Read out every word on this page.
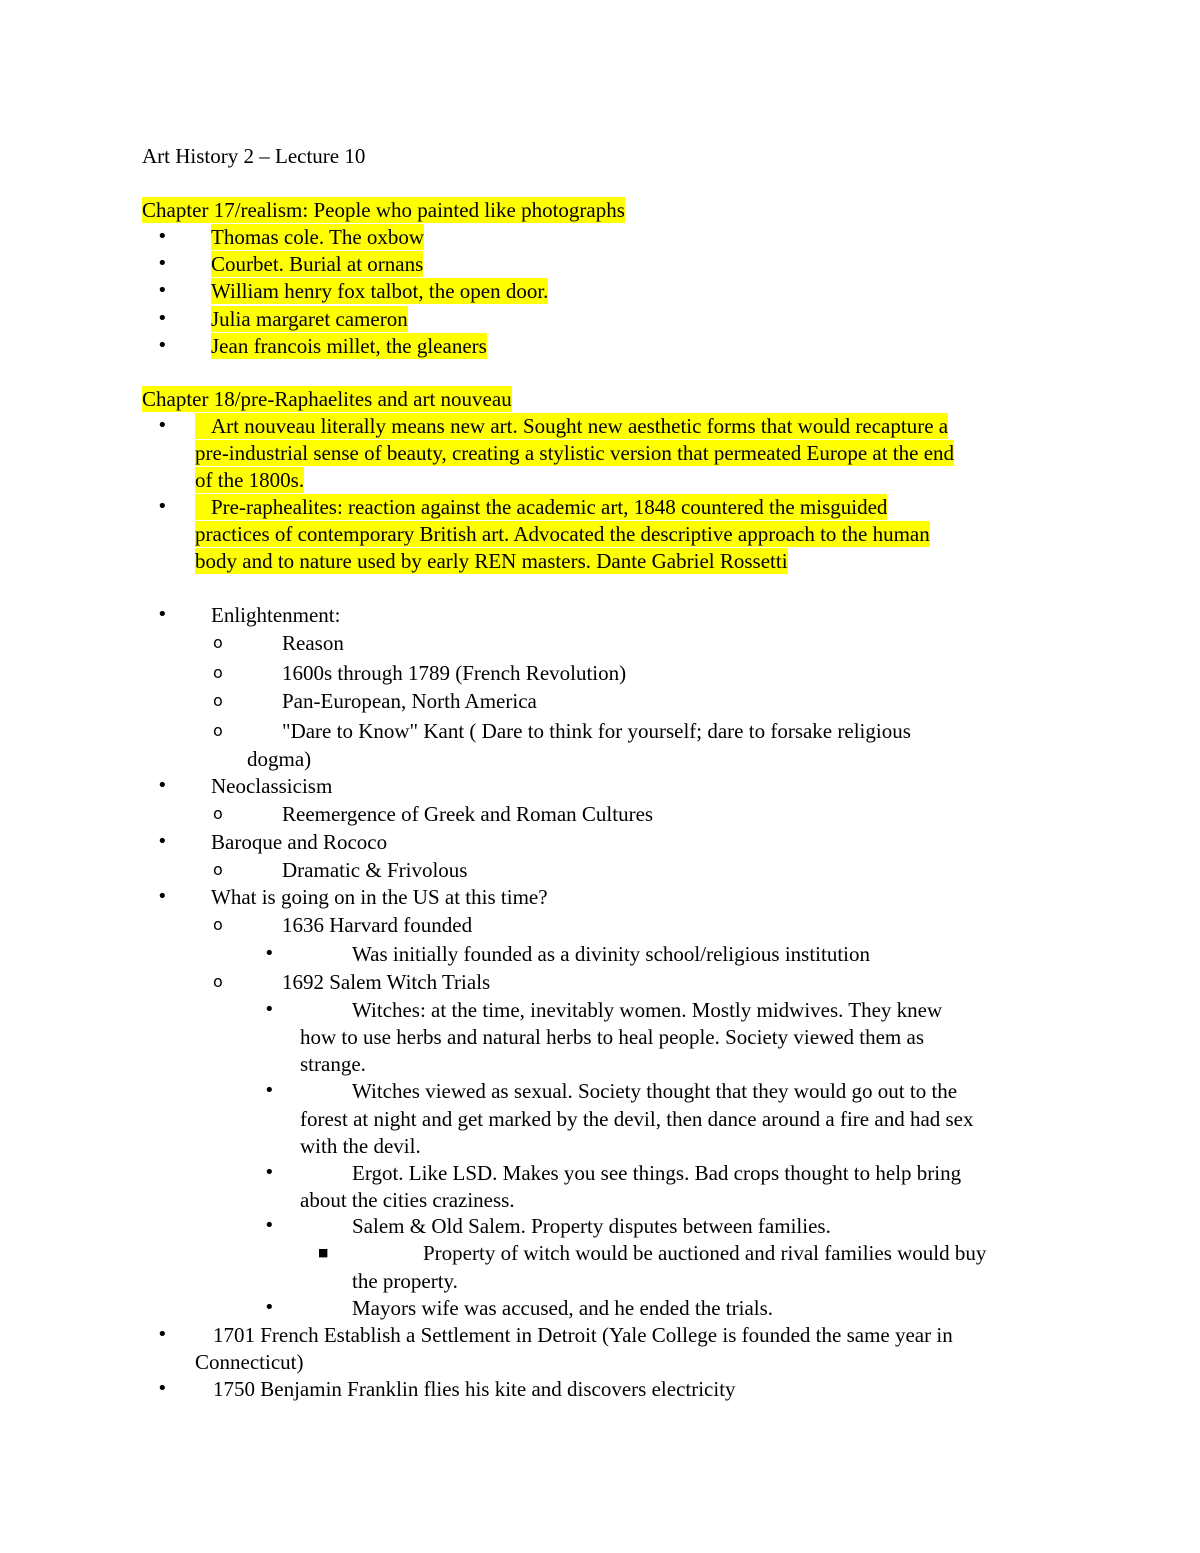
Art History 2 – Lecture 10
Chapter 17/realism: People who painted like photographs
• Thomas cole. The oxbow
• Courbet. Burial at ornans
• William henry fox talbot, the open door.
• Julia margaret cameron
• Jean francois millet, the gleaners
Chapter 18/pre-Raphaelites and art nouveau
•	Art nouveau literally means new art. Sought new aesthetic forms that would recapture a
pre-industrial sense of beauty, creating a stylistic version that permeated Europe at the end
of the 1800s.
•	Pre-raphealites: reaction against the academic art, 1848 countered the misguided
practices of contemporary British art. Advocated the descriptive approach to the human
body and to nature used by early REN masters. Dante Gabriel Rossetti
• Enlightenment:
o	Reason
o	1600s through 1789 (French Revolution)
o	Pan-European, North America
o	"Dare to Know" Kant ( Dare to think for yourself; dare to forsake religious
dogma)
• Neoclassicism
o	Reemergence of Greek and Roman Cultures
• Baroque and Rococo
o	Dramatic & Frivolous
• What is going on in the US at this time?
o	1636 Harvard founded
•	Was initially founded as a divinity school/religious institution
o	1692 Salem Witch Trials
•	Witches: at the time, inevitably women. Mostly midwives. They knew
how to use herbs and natural herbs to heal people. Society viewed them as
strange.
•	Witches viewed as sexual. Society thought that they would go out to the
forest at night and get marked by the devil, then dance around a fire and had sex
with the devil.
•	Ergot. Like LSD. Makes you see things. Bad crops thought to help bring
about the cities craziness.
•	Salem & Old Salem. Property disputes between families.
■	Property of witch would be auctioned and rival families would buy
the property.
•	Mayors wife was accused, and he ended the trials.
• 1701 French Establish a Settlement in Detroit (Yale College is founded the same year in
Connecticut)
• 1750 Benjamin Franklin flies his kite and discovers electricity
